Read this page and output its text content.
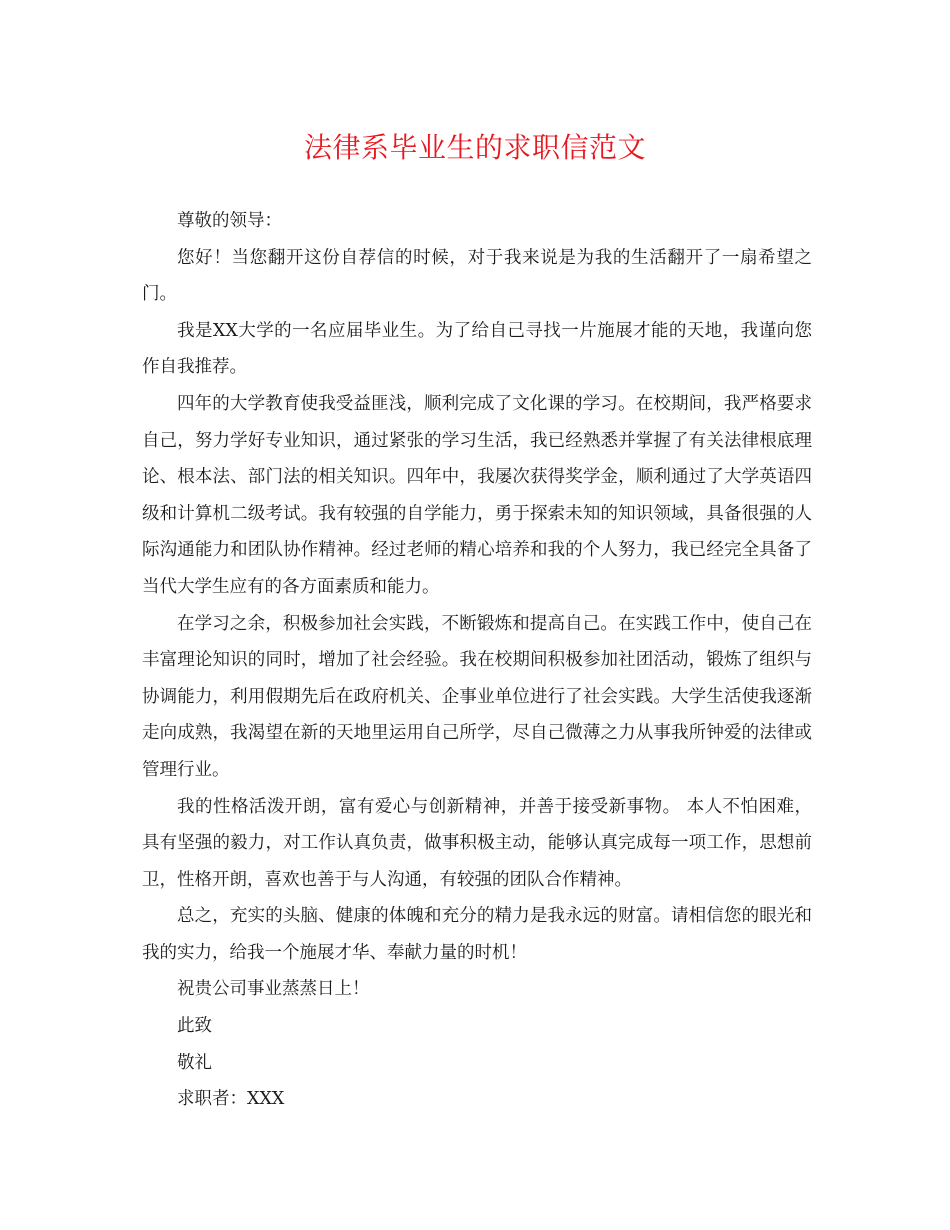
法律系毕业生的求职信范文

尊敬的领导：

您好！当您翻开这份自荐信的时候，对于我来说是为我的生活翻开了一扇希望之门。

我是XX大学的一名应届毕业生。为了给自己寻找一片施展才能的天地，我谨向您作自我推荐。

四年的大学教育使我受益匪浅，顺利完成了文化课的学习。在校期间，我严格要求自己，努力学好专业知识，通过紧张的学习生活，我已经熟悉并掌握了有关法律根底理论、根本法、部门法的相关知识。四年中，我屡次获得奖学金，顺利通过了大学英语四级和计算机二级考试。我有较强的自学能力，勇于探索未知的知识领域，具备很强的人际沟通能力和团队协作精神。经过老师的精心培养和我的个人努力，我已经完全具备了当代大学生应有的各方面素质和能力。

在学习之余，积极参加社会实践，不断锻炼和提高自己。在实践工作中，使自己在丰富理论知识的同时，增加了社会经验。我在校期间积极参加社团活动，锻炼了组织与协调能力，利用假期先后在政府机关、企事业单位进行了社会实践。大学生活使我逐渐走向成熟，我渴望在新的天地里运用自己所学，尽自己微薄之力从事我所钟爱的法律或管理行业。

我的性格活泼开朗，富有爱心与创新精神，并善于接受新事物。 本人不怕困难，具有坚强的毅力，对工作认真负责，做事积极主动，能够认真完成每一项工作，思想前卫，性格开朗，喜欢也善于与人沟通，有较强的团队合作精神。

总之，充实的头脑、健康的体魄和充分的精力是我永远的财富。请相信您的眼光和我的实力，给我一个施展才华、奉献力量的时机！

祝贵公司事业蒸蒸日上！

此致

敬礼

求职者：XXX
